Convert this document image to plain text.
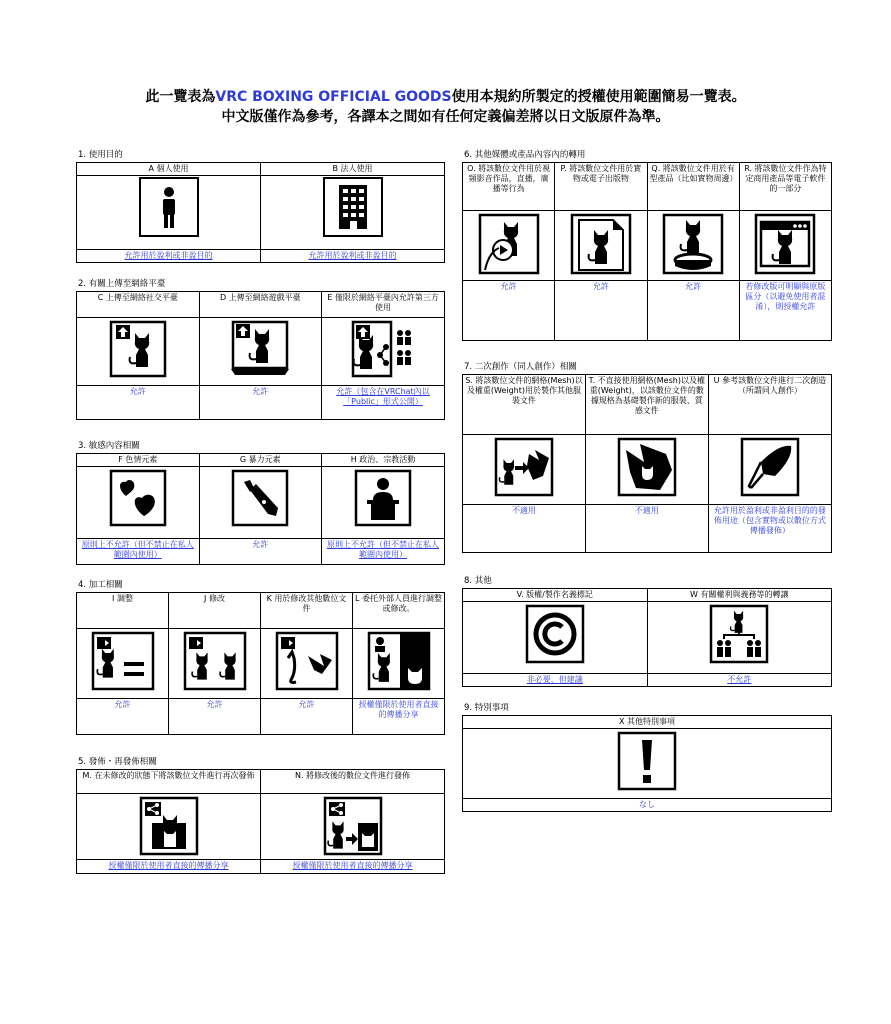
此一覽表為VRC BOXING OFFICIAL GOODS使用本規約所製定的授權使用範圍簡易一覽表。
中文版僅作為參考，各譯本之間如有任何定義偏差將以日文版原件為準。
1. 使用目的
A 個人使用	B 法人使用

允許用於盈利或非盈目的	允許用於盈利或非盈目的
2. 有關上傳至網絡平臺
C 上傳至網絡社交平臺	D 上傳至網絡遊戲平臺	E 僅限於網絡平臺內允許第三方使用

允許	允許	允許（包含在VRChat內以「Public」形式公開）
3. 敏感內容相關
F 色情元素	G 暴力元素	H 政治、宗教活動

原則上不允許（但不禁止在私人範圍內使用）	允許	原則上不允許（但不禁止在私人範圍內使用）
4. 加工相關
I 調整	J 修改	K 用於修改其他數位文件	L 委托外部人員進行調整或修改。

允許	允許	允許	授權僅限於使用者直接的傳播分享
5. 發佈・再發佈相關
M. 在未修改的狀態下將該數位文件進行再次發佈	N. 將修改後的數位文件進行發佈

授權僅限於使用者直接的傳播分享	授權僅限於使用者直接的傳播分享
6. 其他媒體或產品內容內的轉用
O. 將該數位文件用於視頻影音作品，直播，廣播等行為	P. 將該數位文件用於實物或電子出版物	Q. 將該數位文件用於有型產品（比如實物周邊）	R. 將該數位文件作為特定商用產品等電子軟件的一部分

允許	允許	允許	若修改版可明顯與原版區分（以避免使用者混淆），則授權允許
7. 二次創作（同人創作）相關
S. 將該數位文件的網格(Mesh)以及權重(Weight)用於製作其他服裝文件	T. 不直接使用網格(Mesh)以及權重(Weight)，以該數位文件的數據規格為基礎製作新的服裝、質感文件	U 參考該數位文件進行二次創造（所謂同人創作）

不適用	不適用	允許用於盈利或非盈利目的的發佈用途（包含實物或以數位方式傳播發佈）
8. 其他
V. 版權/製作名義標記	W 有關權利與義務等的轉讓

非必要，但建議	不允許
9. 特別事項
X 其他特別事項

なし
